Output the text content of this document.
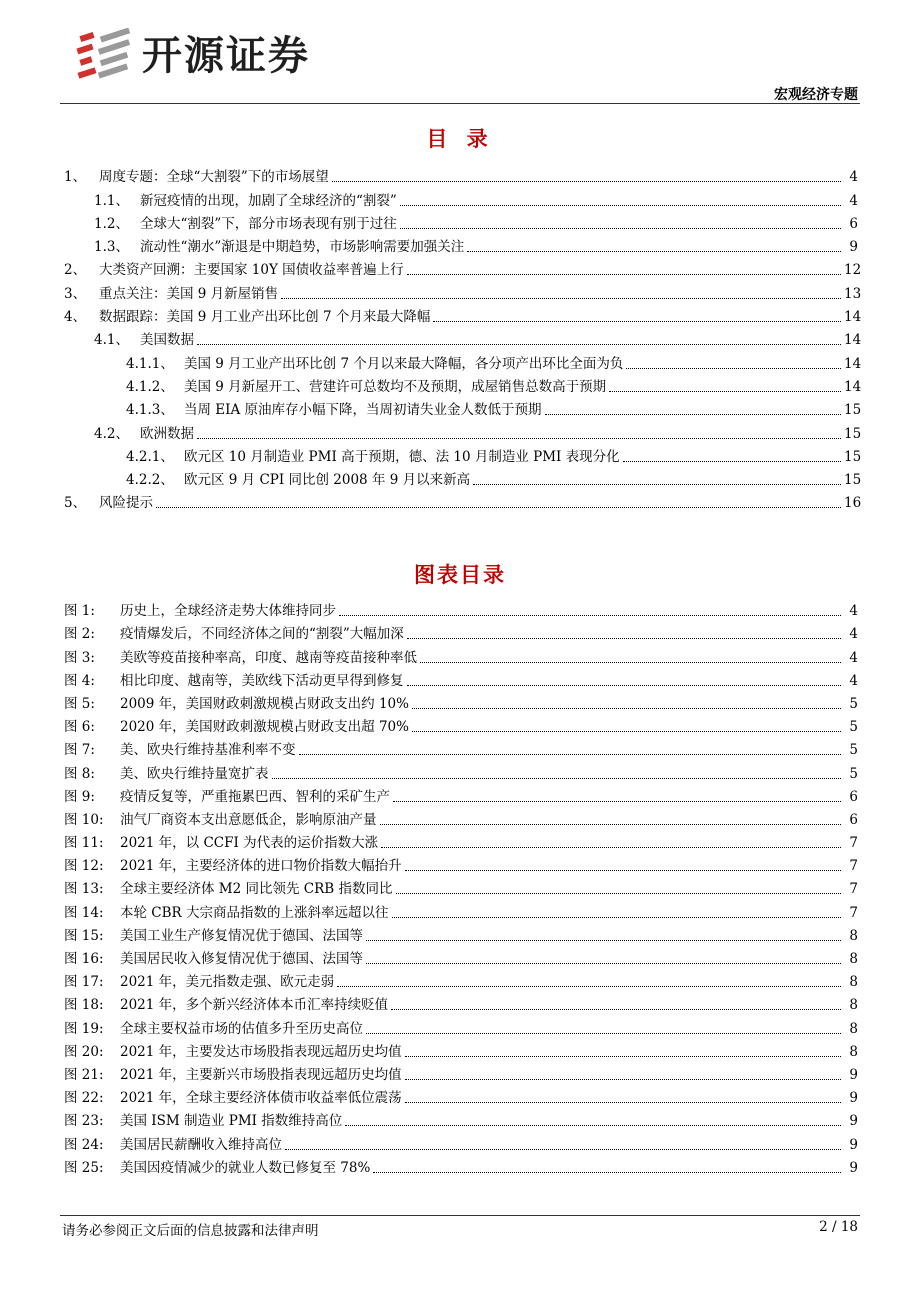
开源证券
宏观经济专题
目 录
1、 周度专题：全球“大割裂”下的市场展望	4
1.1、 新冠疫情的出现，加剧了全球经济的“割裂”	4
1.2、 全球大“割裂”下，部分市场表现有别于过往	6
1.3、 流动性“潮水”渐退是中期趋势，市场影响需要加强关注	9
2、 大类资产回溯：主要国家 10Y 国债收益率普遍上行	12
3、 重点关注：美国 9 月新屋销售	13
4、 数据跟踪：美国 9 月工业产出环比创 7 个月来最大降幅	14
4.1、 美国数据	14
4.1.1、 美国 9 月工业产出环比创 7 个月以来最大降幅，各分项产出环比全面为负	14
4.1.2、 美国 9 月新屋开工、营建许可总数均不及预期，成屋销售总数高于预期	14
4.1.3、 当周 EIA 原油库存小幅下降，当周初请失业金人数低于预期	15
4.2、 欧洲数据	15
4.2.1、 欧元区 10 月制造业 PMI 高于预期，德、法 10 月制造业 PMI 表现分化	15
4.2.2、 欧元区 9 月 CPI 同比创 2008 年 9 月以来新高	15
5、 风险提示	16
图表目录
图 1:	历史上，全球经济走势大体维持同步	4
图 2:	疫情爆发后，不同经济体之间的“割裂”大幅加深	4
图 3:	美欧等疫苗接种率高，印度、越南等疫苗接种率低	4
图 4:	相比印度、越南等，美欧线下活动更早得到修复	4
图 5:	2009 年，美国财政刺激规模占财政支出约 10%	5
图 6:	2020 年，美国财政刺激规模占财政支出超 70%	5
图 7:	美、欧央行维持基准利率不变	5
图 8:	美、欧央行维持量宽扩表	5
图 9:	疫情反复等，严重拖累巴西、智利的采矿生产	6
图 10:	油气厂商资本支出意愿低企，影响原油产量	6
图 11:	2021 年，以 CCFI 为代表的运价指数大涨	7
图 12:	2021 年，主要经济体的进口物价指数大幅抬升	7
图 13:	全球主要经济体 M2 同比领先 CRB 指数同比	7
图 14:	本轮 CBR 大宗商品指数的上涨斜率远超以往	7
图 15:	美国工业生产修复情况优于德国、法国等	8
图 16:	美国居民收入修复情况优于德国、法国等	8
图 17:	2021 年，美元指数走强、欧元走弱	8
图 18:	2021 年，多个新兴经济体本币汇率持续贬值	8
图 19:	全球主要权益市场的估值多升至历史高位	8
图 20:	2021 年，主要发达市场股指表现远超历史均值	8
图 21:	2021 年，主要新兴市场股指表现远超历史均值	9
图 22:	2021 年，全球主要经济体债市收益率低位震荡	9
图 23:	美国 ISM 制造业 PMI 指数维持高位	9
图 24:	美国居民薪酬收入维持高位	9
图 25:	美国因疫情减少的就业人数已修复至 78%	9
请务必参阅正文后面的信息披露和法律声明	2 / 18
